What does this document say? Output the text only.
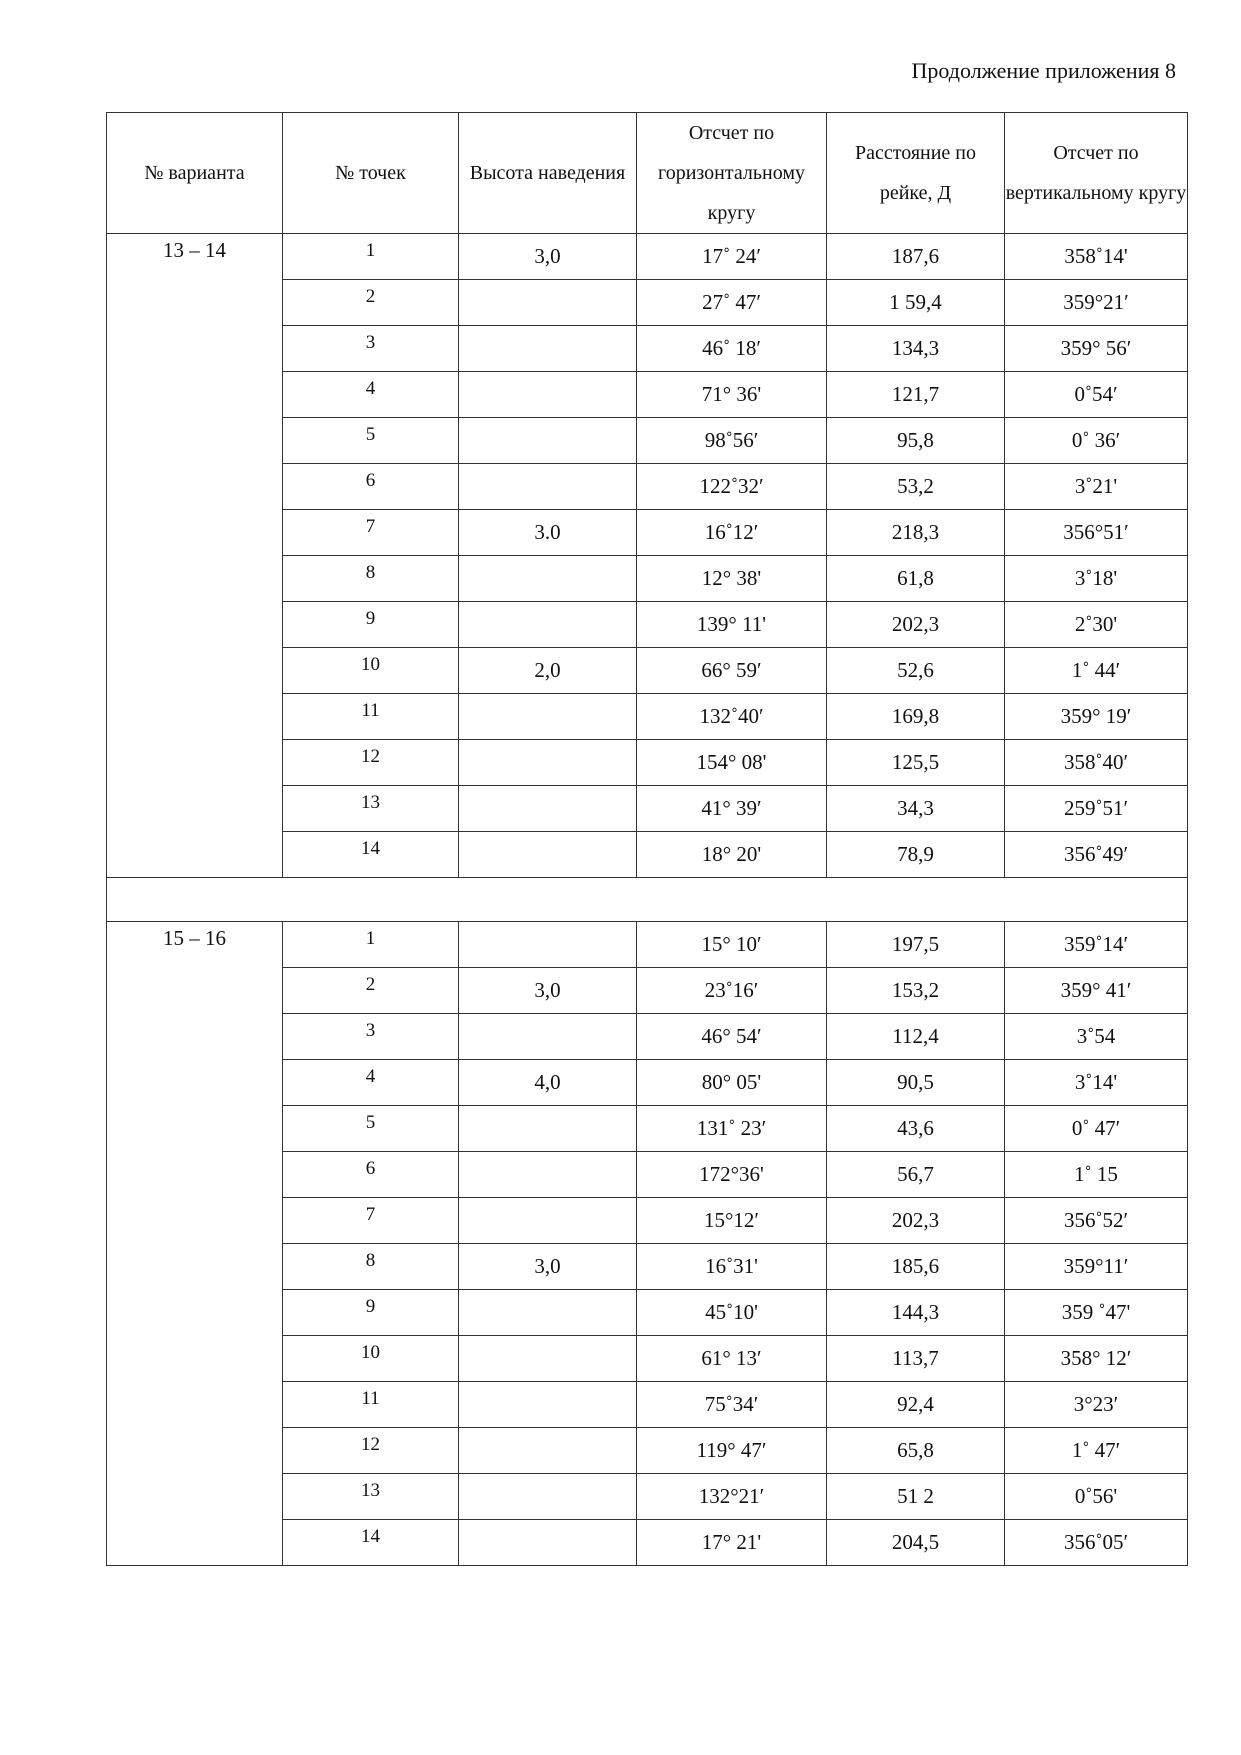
Продолжение приложения 8
№ варианта	№ точек	Высота наведения	Отсчет по горизонтальному кругу	Расстояние по рейке, Д	Отсчет по вертикальному кругу
13 – 14	1	3,0	17˚ 24′	187,6	358˚14'
	2		27˚ 47′	1 59,4	359°21′
	3		46˚ 18′	134,3	359° 56′
	4		71° 36'	121,7	0˚54′
	5		98˚56′	95,8	0˚ 36′
	6		122˚32′	53,2	3˚21'
	7	3.0	16˚12′	218,3	356°51′
	8		12° 38'	61,8	3˚18'
	9		139° 11'	202,3	2˚30'
	10	2,0	66° 59′	52,6	1˚ 44′
	11		132˚40′	169,8	359° 19′
	12		154° 08'	125,5	358˚40′
	13		41° 39′	34,3	259˚51′
	14		18° 20'	78,9	356˚49′

15 – 16	1		15° 10′	197,5	359˚14′
	2	3,0	23˚16′	153,2	359° 41′
	3		46° 54′	112,4	3˚54
	4	4,0	80° 05'	90,5	3˚14'
	5		131˚ 23′	43,6	0˚ 47′
	6		172°36'	56,7	1˚ 15
	7		15°12′	202,3	356˚52′
	8	3,0	16˚31'	185,6	359°11′
	9		45˚10'	144,3	359 ˚47'
	10		61° 13′	113,7	358° 12′
	11		75˚34′	92,4	3°23′
	12		119° 47′	65,8	1˚ 47′
	13		132°21′	51 2	0˚56'
	14		17° 21'	204,5	356˚05′
